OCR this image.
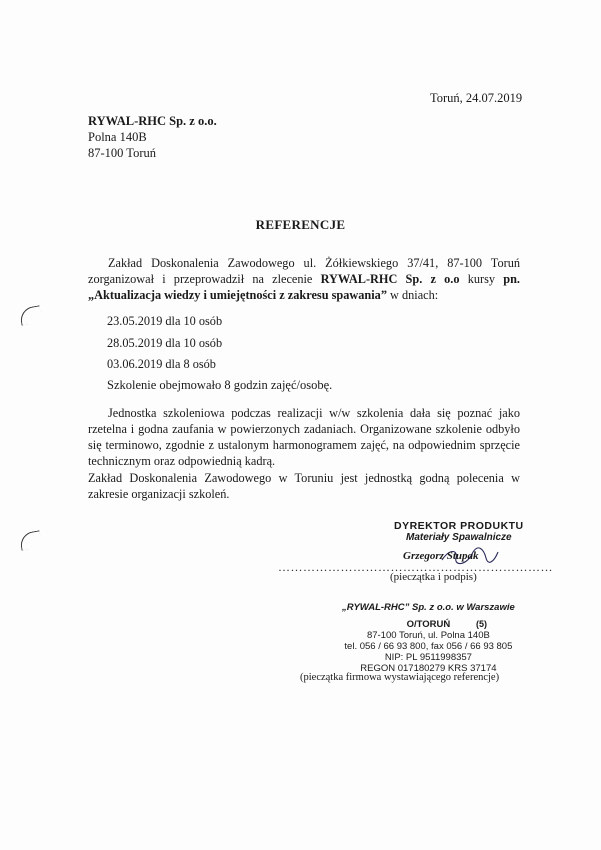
Toruń, 24.07.2019
RYWAL-RHC Sp. z o.o.
Polna 140B
87-100 Toruń
REFERENCJE
Zakład Doskonalenia Zawodowego ul. Żółkiewskiego 37/41, 87-100 Toruń zorganizował i przeprowadził na zlecenie RYWAL-RHC Sp. z o.o kursy pn. „Aktualizacja wiedzy i umiejętności z zakresu spawania” w dniach:
23.05.2019 dla 10 osób
28.05.2019 dla 10 osób
03.06.2019 dla 8 osób
Szkolenie obejmowało 8 godzin zajęć/osobę.
Jednostka szkoleniowa podczas realizacji w/w szkolenia dała się poznać jako rzetelna i godna zaufania w powierzonych zadaniach. Organizowane szkolenie odbyło się terminowo, zgodnie z ustalonym harmonogramem zajęć, na odpowiednim sprzęcie technicznym oraz odpowiednią kadrą.
Zakład Doskonalenia Zawodowego w Toruniu jest jednostką godną polecenia w zakresie organizacji szkoleń.
DYREKTOR PRODUKTU
Materiały Spawalnicze
Grzegorz Stupak
…………………………………………………………
(pieczątka i podpis)
„RYWAL-RHC” Sp. z o.o. w Warszawie
O/TORUŃ
87-100 Toruń, ul. Polna 140B
tel. 056 / 66 93 800, fax 056 / 66 93 805
NIP: PL 9511998357
REGON 017180279 KRS 37174
(5)
(pieczątka firmowa wystawiającego referencje)
